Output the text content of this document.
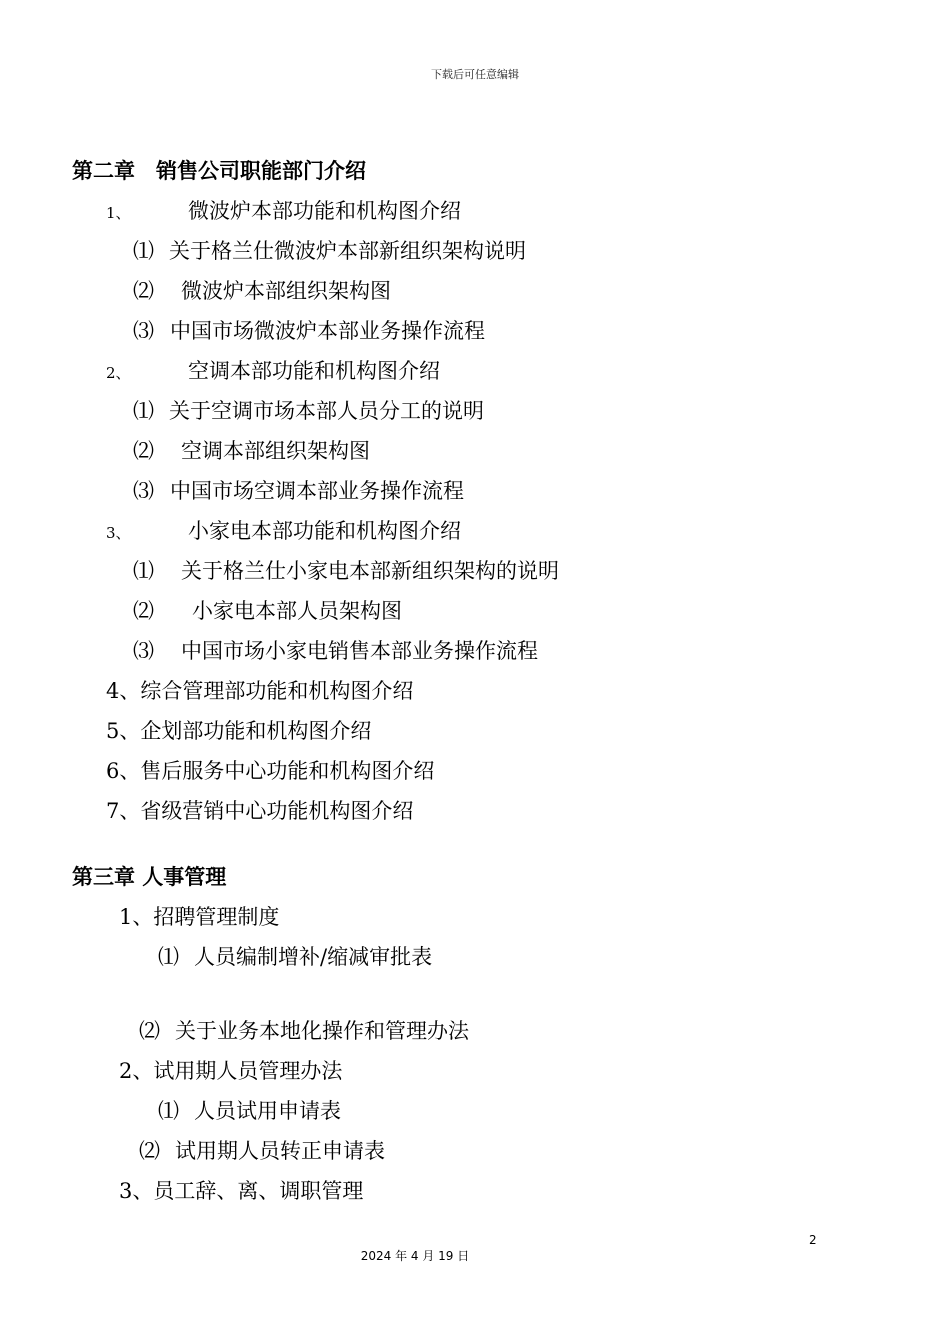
下载后可任意编辑
第二章　销售公司职能部门介绍
1、	微波炉本部功能和机构图介绍
⑴ 关于格兰仕微波炉本部新组织架构说明
⑵ 微波炉本部组织架构图
⑶ 中国市场微波炉本部业务操作流程
2、	空调本部功能和机构图介绍
⑴ 关于空调市场本部人员分工的说明
⑵ 空调本部组织架构图
⑶ 中国市场空调本部业务操作流程
3、	小家电本部功能和机构图介绍
⑴ 关于格兰仕小家电本部新组织架构的说明
⑵ 小家电本部人员架构图
⑶ 中国市场小家电销售本部业务操作流程
4、综合管理部功能和机构图介绍
5、企划部功能和机构图介绍
6、售后服务中心功能和机构图介绍
7、省级营销中心功能机构图介绍
第三章 人事管理
1、招聘管理制度
⑴ 人员编制增补/缩减审批表
⑵ 关于业务本地化操作和管理办法
2、试用期人员管理办法
⑴ 人员试用申请表
⑵ 试用期人员转正申请表
3、员工辞、离、调职管理
2
2024 年 4 月 19 日
